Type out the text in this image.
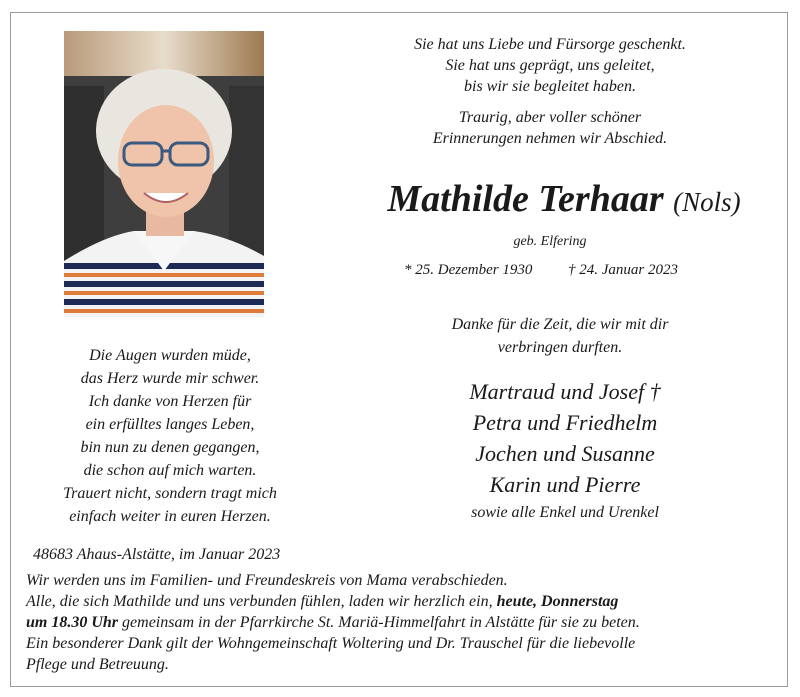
Sie hat uns Liebe und Fürsorge geschenkt.
Sie hat uns geprägt, uns geleitet,
bis wir sie begleitet haben.

Traurig, aber voller schöner
Erinnerungen nehmen wir Abschied.

Mathilde Terhaar (Nols)
geb. Elfering
* 25. Dezember 1930 † 24. Januar 2023
Danke für die Zeit, die wir mit dir
verbringen durften.
Martraud und Josef †
Petra und Friedhelm
Jochen und Susanne
Karin und Pierre
sowie alle Enkel und Urenkel
Die Augen wurden müde,
das Herz wurde mir schwer.
Ich danke von Herzen für
ein erfülltes langes Leben,
bin nun zu denen gegangen,
die schon auf mich warten.
Trauert nicht, sondern tragt mich
einfach weiter in euren Herzen.
48683 Ahaus-Alstätte, im Januar 2023
Wir werden uns im Familien- und Freundeskreis von Mama verabschieden.
Alle, die sich Mathilde und uns verbunden fühlen, laden wir herzlich ein, heute, Donnerstag
um 18.30 Uhr gemeinsam in der Pfarrkirche St. Mariä-Himmelfahrt in Alstätte für sie zu beten.
Ein besonderer Dank gilt der Wohngemeinschaft Woltering und Dr. Trauschel für die liebevolle
Pflege und Betreuung.
